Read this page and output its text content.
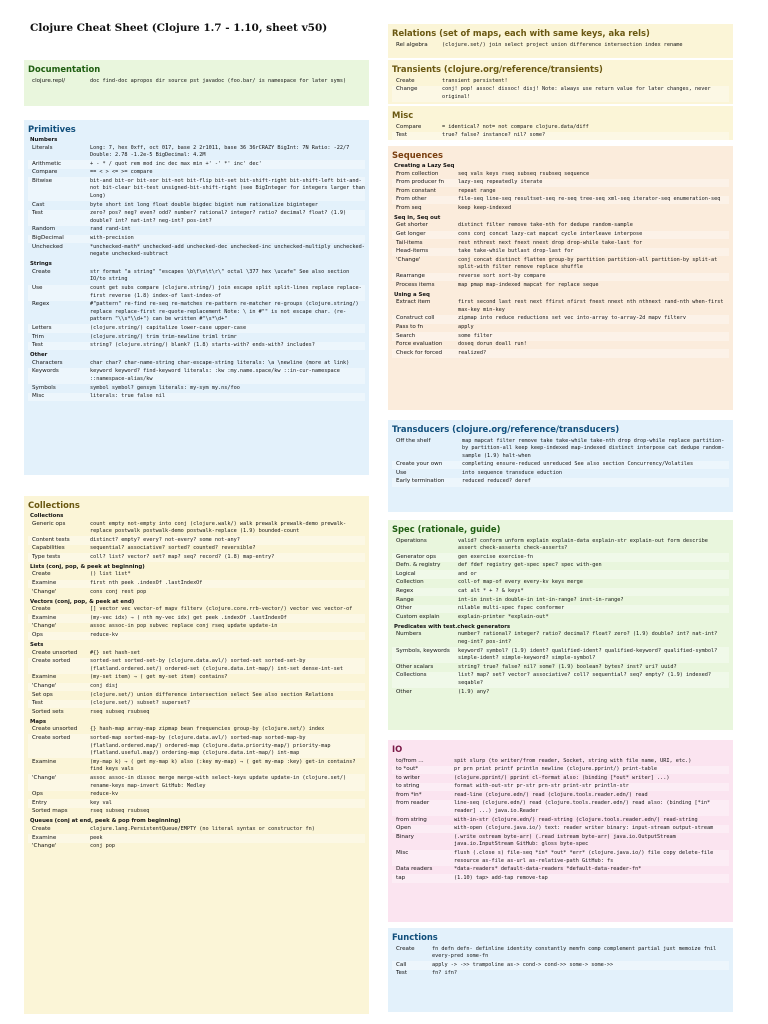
Clojure Cheat Sheet (Clojure 1.7 - 1.10, sheet v50)
Documentation
clojure.repl/	doc find-doc apropos dir source pst javadoc (foo.bar/ is namespace for later syms)
Primitives
Numbers
Literals	Long: 7, hex 0xff, oct 017, base 2 2r1011, base 36 36rCRAZY BigInt: 7N Ratio: -22/7 Double: 2.78 -1.2e-5 BigDecimal: 4.2M
Arithmetic	+ - * / quot rem mod inc dec max min +' -' *' inc' dec'
Compare	== < > <= >= compare
Bitwise	bit-and bit-or bit-xor bit-not bit-flip bit-set bit-shift-right bit-shift-left bit-and-not bit-clear bit-test unsigned-bit-shift-right (see BigInteger for integers larger than Long)
Cast	byte short int long float double bigdec bigint num rationalize biginteger
Test	zero? pos? neg? even? odd? number? rational? integer? ratio? decimal? float? (1.9) double? int? nat-int? neg-int? pos-int?
Random	rand rand-int
BigDecimal	with-precision
Unchecked	*unchecked-math* unchecked-add unchecked-dec unchecked-inc unchecked-multiply unchecked-negate unchecked-subtract
Strings
Create	str format "a string" "escapes \b\f\n\t\r\" octal \377 hex \ucafe" See also section IO/to string
Use	count get subs compare (clojure.string/) join escape split split-lines replace replace-first reverse (1.8) index-of last-index-of
Regex	#"pattern" re-find re-seq re-matches re-pattern re-matcher re-groups (clojure.string/) replace replace-first re-quote-replacement Note: \ in #"" is not escape char. (re-pattern "\\s*\\d+") can be written #"\s*\d+"
Letters	(clojure.string/) capitalize lower-case upper-case
Trim	(clojure.string/) trim trim-newline triml trimr
Test	string? (clojure.string/) blank? (1.8) starts-with? ends-with? includes?
Other
Characters	char char? char-name-string char-escape-string literals: \a \newline (more at link)
Keywords	keyword keyword? find-keyword literals: :kw :my.name.space/kw ::in-cur-namespace ::namespace-alias/kw
Symbols	symbol symbol? gensym literals: my-sym my.ns/foo
Misc	literals: true false nil
Collections
Collections
Generic ops	count empty not-empty into conj (clojure.walk/) walk prewalk prewalk-demo prewalk-replace postwalk postwalk-demo postwalk-replace (1.9) bounded-count
Content tests	distinct? empty? every? not-every? some not-any?
Capabilities	sequential? associative? sorted? counted? reversible?
Type tests	coll? list? vector? set? map? seq? record? (1.8) map-entry?
Lists (conj, pop, & peek at beginning)
Create	() list list*
Examine	first nth peek .indexOf .lastIndexOf
'Change'	cons conj rest pop
Vectors (conj, pop, & peek at end)
Create	[] vector vec vector-of mapv filterv (clojure.core.rrb-vector/) vector vec vector-of
Examine	(my-vec idx) → ( nth my-vec idx) get peek .indexOf .lastIndexOf
'Change'	assoc assoc-in pop subvec replace conj rseq update update-in
Ops	reduce-kv
Sets
Create unsorted	#{} set hash-set
Create sorted	sorted-set sorted-set-by (clojure.data.avl/) sorted-set sorted-set-by (flatland.ordered.set/) ordered-set (clojure.data.int-map/) int-set dense-int-set
Examine	(my-set item) → ( get my-set item) contains?
'Change'	conj disj
Set ops	(clojure.set/) union difference intersection select See also section Relations
Test	(clojure.set/) subset? superset?
Sorted sets	rseq subseq rsubseq
Maps
Create unsorted	{} hash-map array-map zipmap bean frequencies group-by (clojure.set/) index
Create sorted	sorted-map sorted-map-by (clojure.data.avl/) sorted-map sorted-map-by (flatland.ordered.map/) ordered-map (clojure.data.priority-map/) priority-map (flatland.useful.map/) ordering-map (clojure.data.int-map/) int-map
Examine	(my-map k) → ( get my-map k) also (:key my-map) → ( get my-map :key) get-in contains? find keys vals
'Change'	assoc assoc-in dissoc merge merge-with select-keys update update-in (clojure.set/) rename-keys map-invert GitHub: Medley
Ops	reduce-kv
Entry	key val
Sorted maps	rseq subseq rsubseq
Queues (conj at end, peek & pop from beginning)
Create	clojure.lang.PersistentQueue/EMPTY (no literal syntax or constructor fn)
Examine	peek
'Change'	conj pop
Relations (set of maps, each with same keys, aka rels)
Rel algebra	(clojure.set/) join select project union difference intersection index rename
Transients (clojure.org/reference/transients)
Create	transient persistent!
Change	conj! pop! assoc! dissoc! disj! Note: always use return value for later changes, never original!
Misc
Compare	= identical? not= not compare clojure.data/diff
Test	true? false? instance? nil? some?
Sequences
Creating a Lazy Seq
From collection	seq vals keys rseq subseq rsubseq sequence
From producer fn	lazy-seq repeatedly iterate
From constant	repeat range
From other	file-seq line-seq resultset-seq re-seq tree-seq xml-seq iterator-seq enumeration-seq
From seq	keep keep-indexed
Seq in, Seq out
Get shorter	distinct filter remove take-nth for dedupe random-sample
Get longer	cons conj concat lazy-cat mapcat cycle interleave interpose
Tail-items	rest nthrest next fnext nnext drop drop-while take-last for
Head-items	take take-while butlast drop-last for
'Change'	conj concat distinct flatten group-by partition partition-all partition-by split-at split-with filter remove replace shuffle
Rearrange	reverse sort sort-by compare
Process items	map pmap map-indexed mapcat for replace seque
Using a Seq
Extract item	first second last rest next ffirst nfirst fnext nnext nth nthnext rand-nth when-first max-key min-key
Construct coll	zipmap into reduce reductions set vec into-array to-array-2d mapv filterv
Pass to fn	apply
Search	some filter
Force evaluation	doseq dorun doall run!
Check for forced	realized?
Transducers (clojure.org/reference/transducers)
Off the shelf	map mapcat filter remove take take-while take-nth drop drop-while replace partition-by partition-all keep keep-indexed map-indexed distinct interpose cat dedupe random-sample (1.9) halt-when
Create your own	completing ensure-reduced unreduced See also section Concurrency/Volatiles
Use	into sequence transduce eduction
Early termination	reduced reduced? deref
Spec (rationale, guide)
Operations	valid? conform unform explain explain-data explain-str explain-out form describe assert check-asserts check-asserts?
Generator ops	gen exercise exercise-fn
Defn. & registry	def fdef registry get-spec spec? spec with-gen
Logical	and or
Collection	coll-of map-of every every-kv keys merge
Regex	cat alt * + ? & keys*
Range	int-in inst-in double-in int-in-range? inst-in-range?
Other	nilable multi-spec fspec conformer
Custom explain	explain-printer *explain-out*
Predicates with test.check generators
Numbers	number? rational? integer? ratio? decimal? float? zero? (1.9) double? int? nat-int? neg-int? pos-int?
Symbols, keywords	keyword? symbol? (1.9) ident? qualified-ident? qualified-keyword? qualified-symbol? simple-ident? simple-keyword? simple-symbol?
Other scalars	string? true? false? nil? some? (1.9) boolean? bytes? inst? uri? uuid?
Collections	list? map? set? vector? associative? coll? sequential? seq? empty? (1.9) indexed? seqable?
Other	(1.9) any?
IO
to/from ...	spit slurp (to writer/from reader, Socket, string with file name, URI, etc.)
to *out*	pr prn print printf println newline (clojure.pprint/) print-table
to writer	(clojure.pprint/) pprint cl-format also: (binding [*out* writer] ...)
to string	format with-out-str pr-str prn-str print-str println-str
from *in*	read-line (clojure.edn/) read (clojure.tools.reader.edn/) read
from reader	line-seq (clojure.edn/) read (clojure.tools.reader.edn/) read also: (binding [*in* reader] ...) java.io.Reader
from string	with-in-str (clojure.edn/) read-string (clojure.tools.reader.edn/) read-string
Open	with-open (clojure.java.io/) text: reader writer binary: input-stream output-stream
Binary	(.write ostream byte-arr) (.read istream byte-arr) java.io.OutputStream java.io.InputStream GitHub: gloss byte-spec
Misc	flush (.close s) file-seq *in* *out* *err* (clojure.java.io/) file copy delete-file resource as-file as-url as-relative-path GitHub: fs
Data readers	*data-readers* default-data-readers *default-data-reader-fn*
tap	(1.10) tap> add-tap remove-tap
Functions
Create	fn defn defn- definline identity constantly memfn comp complement partial juxt memoize fnil every-pred some-fn
Call	apply -> ->> trampoline as-> cond-> cond->> some-> some->>
Test	fn? ifn?
